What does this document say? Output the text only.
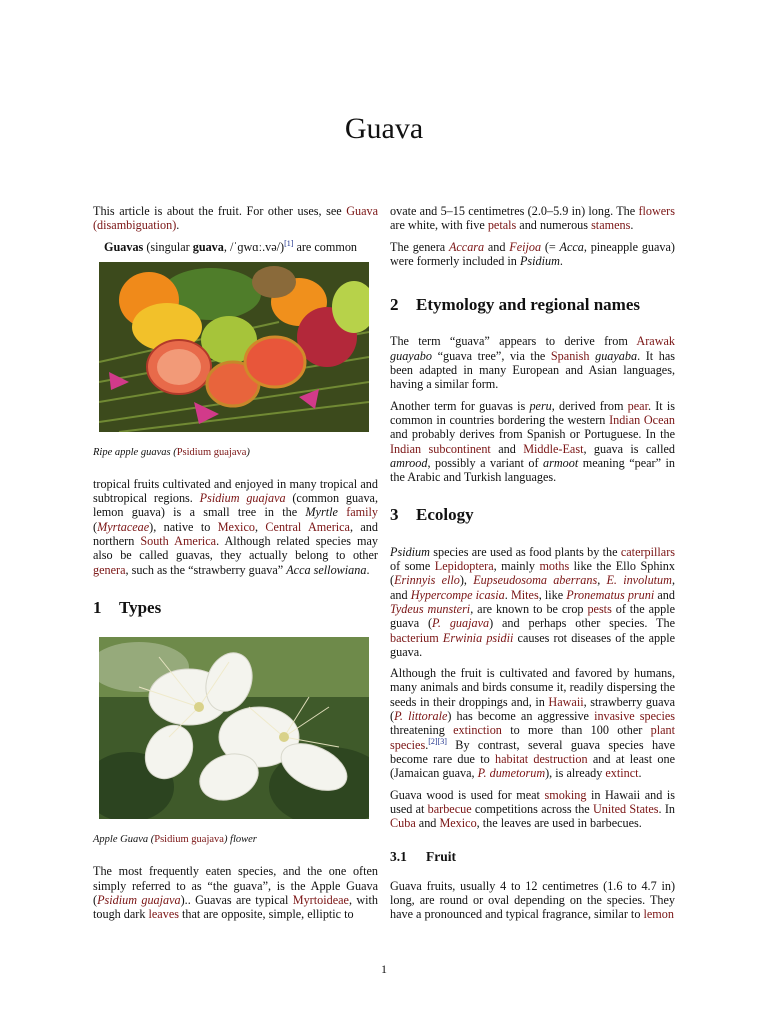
Guava

This article is about the fruit. For other uses, see Guava (disambiguation).

Guavas (singular guava, /ˈɡwɑː.və/)[1] are common

Ripe apple guavas (Psidium guajava)

tropical fruits cultivated and enjoyed in many tropical and subtropical regions. Psidium guajava (common guava, lemon guava) is a small tree in the Myrtle family (Myrtaceae), native to Mexico, Central America, and northern South America. Although related species may also be called guavas, they actually belong to other genera, such as the “strawberry guava” Acca sellowiana.

1 Types
Apple Guava (Psidium guajava) flower

The most frequently eaten species, and the one often simply referred to as “the guava”, is the Apple Guava (Psidium guajava).. Guavas are typical Myrtoideae, with tough dark leaves that are opposite, simple, elliptic to

ovate and 5–15 centimetres (2.0–5.9 in) long. The flowers are white, with five petals and numerous stamens.

The genera Accara and Feijoa (= Acca, pineapple guava) were formerly included in Psidium.

2 Etymology and regional names

The term “guava” appears to derive from Arawak guayabo “guava tree”, via the Spanish guayaba. It has been adapted in many European and Asian languages, having a similar form.

Another term for guavas is peru, derived from pear. It is common in countries bordering the western Indian Ocean and probably derives from Spanish or Portuguese. In the Indian subcontinent and Middle-East, guava is called amrood, possibly a variant of armoot meaning “pear” in the Arabic and Turkish languages.

3 Ecology

Psidium species are used as food plants by the caterpillars of some Lepidoptera, mainly moths like the Ello Sphinx (Erinnyis ello), Eupseudosoma aberrans, E. involutum, and Hypercompe icasia. Mites, like Pronematus pruni and Tydeus munsteri, are known to be crop pests of the apple guava (P. guajava) and perhaps other species. The bacterium Erwinia psidii causes rot diseases of the apple guava.

Although the fruit is cultivated and favored by humans, many animals and birds consume it, readily dispersing the seeds in their droppings and, in Hawaii, strawberry guava (P. littorale) has become an aggressive invasive species threatening extinction to more than 100 other plant species.[2][3] By contrast, several guava species have become rare due to habitat destruction and at least one (Jamaican guava, P. dumetorum), is already extinct.

Guava wood is used for meat smoking in Hawaii and is used at barbecue competitions across the United States. In Cuba and Mexico, the leaves are used in barbecues.

3.1 Fruit

Guava fruits, usually 4 to 12 centimetres (1.6 to 4.7 in) long, are round or oval depending on the species. They have a pronounced and typical fragrance, similar to lemon

1
